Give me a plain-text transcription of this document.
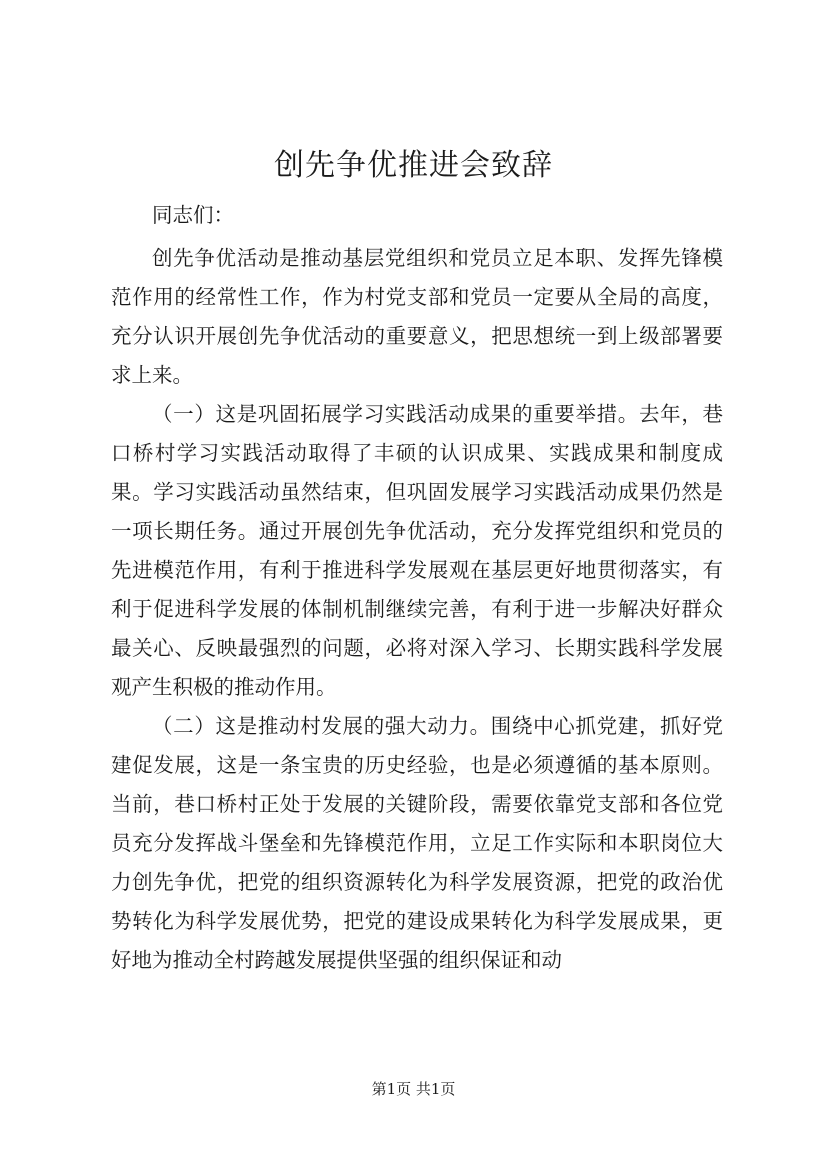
创先争优推进会致辞

同志们：

创先争优活动是推动基层党组织和党员立足本职、发挥先锋模范作用的经常性工作，作为村党支部和党员一定要从全局的高度，充分认识开展创先争优活动的重要意义，把思想统一到上级部署要求上来。

（一）这是巩固拓展学习实践活动成果的重要举措。去年，巷口桥村学习实践活动取得了丰硕的认识成果、实践成果和制度成果。学习实践活动虽然结束，但巩固发展学习实践活动成果仍然是一项长期任务。通过开展创先争优活动，充分发挥党组织和党员的先进模范作用，有利于推进科学发展观在基层更好地贯彻落实，有利于促进科学发展的体制机制继续完善，有利于进一步解决好群众最关心、反映最强烈的问题，必将对深入学习、长期实践科学发展观产生积极的推动作用。

（二）这是推动村发展的强大动力。围绕中心抓党建，抓好党建促发展，这是一条宝贵的历史经验，也是必须遵循的基本原则。当前，巷口桥村正处于发展的关键阶段，需要依靠党支部和各位党员充分发挥战斗堡垒和先锋模范作用，立足工作实际和本职岗位大力创先争优，把党的组织资源转化为科学发展资源，把党的政治优势转化为科学发展优势，把党的建设成果转化为科学发展成果，更好地为推动全村跨越发展提供坚强的组织保证和动

第1页 共1页
